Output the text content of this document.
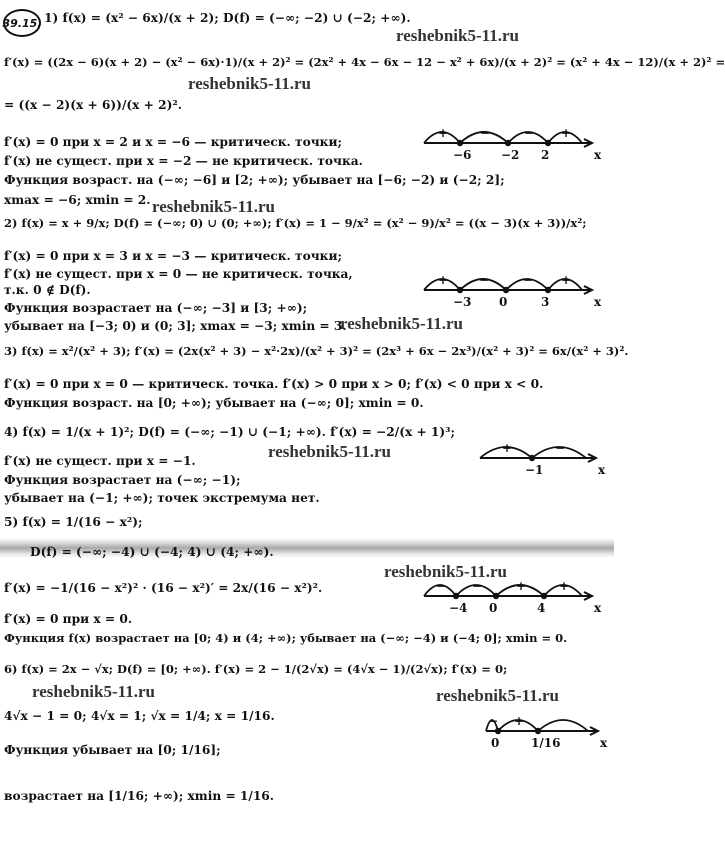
39.15. 1) f(x) = (x² − 6x)/(x + 2); D(f) = (−∞; −2) ∪ (−2; +∞).
f′(x) = ((2x − 6)(x + 2) − (x² − 6x)·1)/(x + 2)² = (2x² + 4x − 6x − 12 − x² + 6x)/(x + 2)² = (x² + 4x − 12)/(x + 2)² =
= ((x − 2)(x + 6))/(x + 2)².
f′(x) = 0 при x = 2 и x = −6 — критическ. точки;
f′(x) не сущест. при x = −2 — не критическ. точка.
Функция возраст. на (−∞; −6] и [2; +∞); убывает на [−6; −2) и (−2; 2];
xmax = −6; xmin = 2.
2) f(x) = x + 9/x; D(f) = (−∞; 0) ∪ (0; +∞); f′(x) = 1 − 9/x² = (x² − 9)/x² = ((x − 3)(x + 3))/x²;
f′(x) = 0 при x = 3 и x = −3 — критическ. точки;
f′(x) не сущест. при x = 0 — не критическ. точка,
т.к. 0 ∉ D(f).
Функция возрастает на (−∞; −3] и [3; +∞);
убывает на [−3; 0) и (0; 3]; xmax = −3; xmin = 3.
3) f(x) = x²/(x² + 3); f′(x) = (2x(x² + 3) − x²·2x)/(x² + 3)² = (2x³ + 6x − 2x³)/(x² + 3)² = 6x/(x² + 3)².
f′(x) = 0 при x = 0 — критическ. точка. f′(x) > 0 при x > 0; f′(x) < 0 при x < 0.
Функция возраст. на [0; +∞); убывает на (−∞; 0]; xmin = 0.
4) f(x) = 1/(x + 1)²; D(f) = (−∞; −1) ∪ (−1; +∞). f′(x) = −2/(x + 1)³;
f′(x) не сущест. при x = −1.
Функция возрастает на (−∞; −1);
убывает на (−1; +∞); точек экстремума нет.
5) f(x) = 1/(16 − x²);
D(f) = (−∞; −4) ∪ (−4; 4) ∪ (4; +∞).
f′(x) = −1/(16 − x²)² · (16 − x²)′ = 2x/(16 − x²)².
f′(x) = 0 при x = 0.
Функция f(x) возрастает на [0; 4) и (4; +∞); убывает на (−∞; −4) и (−4; 0]; xmin = 0.
6) f(x) = 2x − √x; D(f) = [0; +∞). f′(x) = 2 − 1/(2√x) = (4√x − 1)/(2√x); f′(x) = 0;
4√x − 1 = 0; 4√x = 1; √x = 1/4; x = 1/16.
Функция убывает на [0; 1/16];
возрастает на [1/16; +∞); xmin = 1/16.
reshebnik5-11.ru
reshebnik5-11.ru
reshebnik5-11.ru
reshebnik5-11.ru
reshebnik5-11.ru
reshebnik5-11.ru
reshebnik5-11.ru	reshebnik5-11.ru
x
+	−	− +
−6 −2 2
x
+	−	− +
−3 0	3
x
+	−
−1
x
− −	+	+
−4 0	4
x
− +
0	1/16
